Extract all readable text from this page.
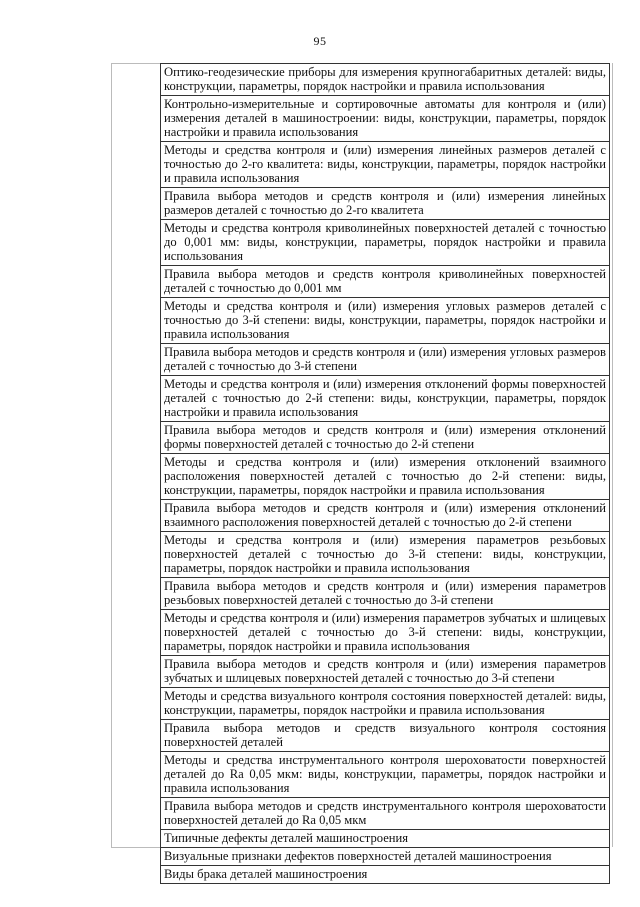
95
Оптико-геодезические приборы для измерения крупногабаритных деталей: виды, конструкции, параметры, порядок настройки и правила использования
Контрольно-измерительные и сортировочные автоматы для контроля и (или) измерения деталей в машиностроении: виды, конструкции, параметры, порядок настройки и правила использования
Методы и средства контроля и (или) измерения линейных размеров деталей с точностью до 2-го квалитета: виды, конструкции, параметры, порядок настройки и правила использования
Правила выбора методов и средств контроля и (или) измерения линейных размеров деталей с точностью до 2-го квалитета
Методы и средства контроля криволинейных поверхностей деталей с точностью до 0,001 мм: виды, конструкции, параметры, порядок настройки и правила использования
Правила выбора методов и средств контроля криволинейных поверхностей деталей с точностью до 0,001 мм
Методы и средства контроля и (или) измерения угловых размеров деталей с точностью до 3-й степени: виды, конструкции, параметры, порядок настройки и правила использования
Правила выбора методов и средств контроля и (или) измерения угловых размеров деталей с точностью до 3-й степени
Методы и средства контроля и (или) измерения отклонений формы поверхностей деталей с точностью до 2-й степени: виды, конструкции, параметры, порядок настройки и правила использования
Правила выбора методов и средств контроля и (или) измерения отклонений формы поверхностей деталей с точностью до 2-й степени
Методы и средства контроля и (или) измерения отклонений взаимного расположения поверхностей деталей с точностью до 2-й степени: виды, конструкции, параметры, порядок настройки и правила использования
Правила выбора методов и средств контроля и (или) измерения отклонений взаимного расположения поверхностей деталей с точностью до 2-й степени
Методы и средства контроля и (или) измерения параметров резьбовых поверхностей деталей с точностью до 3-й степени: виды, конструкции, параметры, порядок настройки и правила использования
Правила выбора методов и средств контроля и (или) измерения параметров резьбовых поверхностей деталей с точностью до 3-й степени
Методы и средства контроля и (или) измерения параметров зубчатых и шлицевых поверхностей деталей с точностью до 3-й степени: виды, конструкции, параметры, порядок настройки и правила использования
Правила выбора методов и средств контроля и (или) измерения параметров зубчатых и шлицевых поверхностей деталей с точностью до 3-й степени
Методы и средства визуального контроля состояния поверхностей деталей: виды, конструкции, параметры, порядок настройки и правила использования
Правила выбора методов и средств визуального контроля состояния поверхностей деталей
Методы и средства инструментального контроля шероховатости поверхностей деталей до Ra 0,05 мкм: виды, конструкции, параметры, порядок настройки и правила использования
Правила выбора методов и средств инструментального контроля шероховатости поверхностей деталей до Ra 0,05 мкм
Типичные дефекты деталей машиностроения
Визуальные признаки дефектов поверхностей деталей машиностроения
Виды брака деталей машиностроения
